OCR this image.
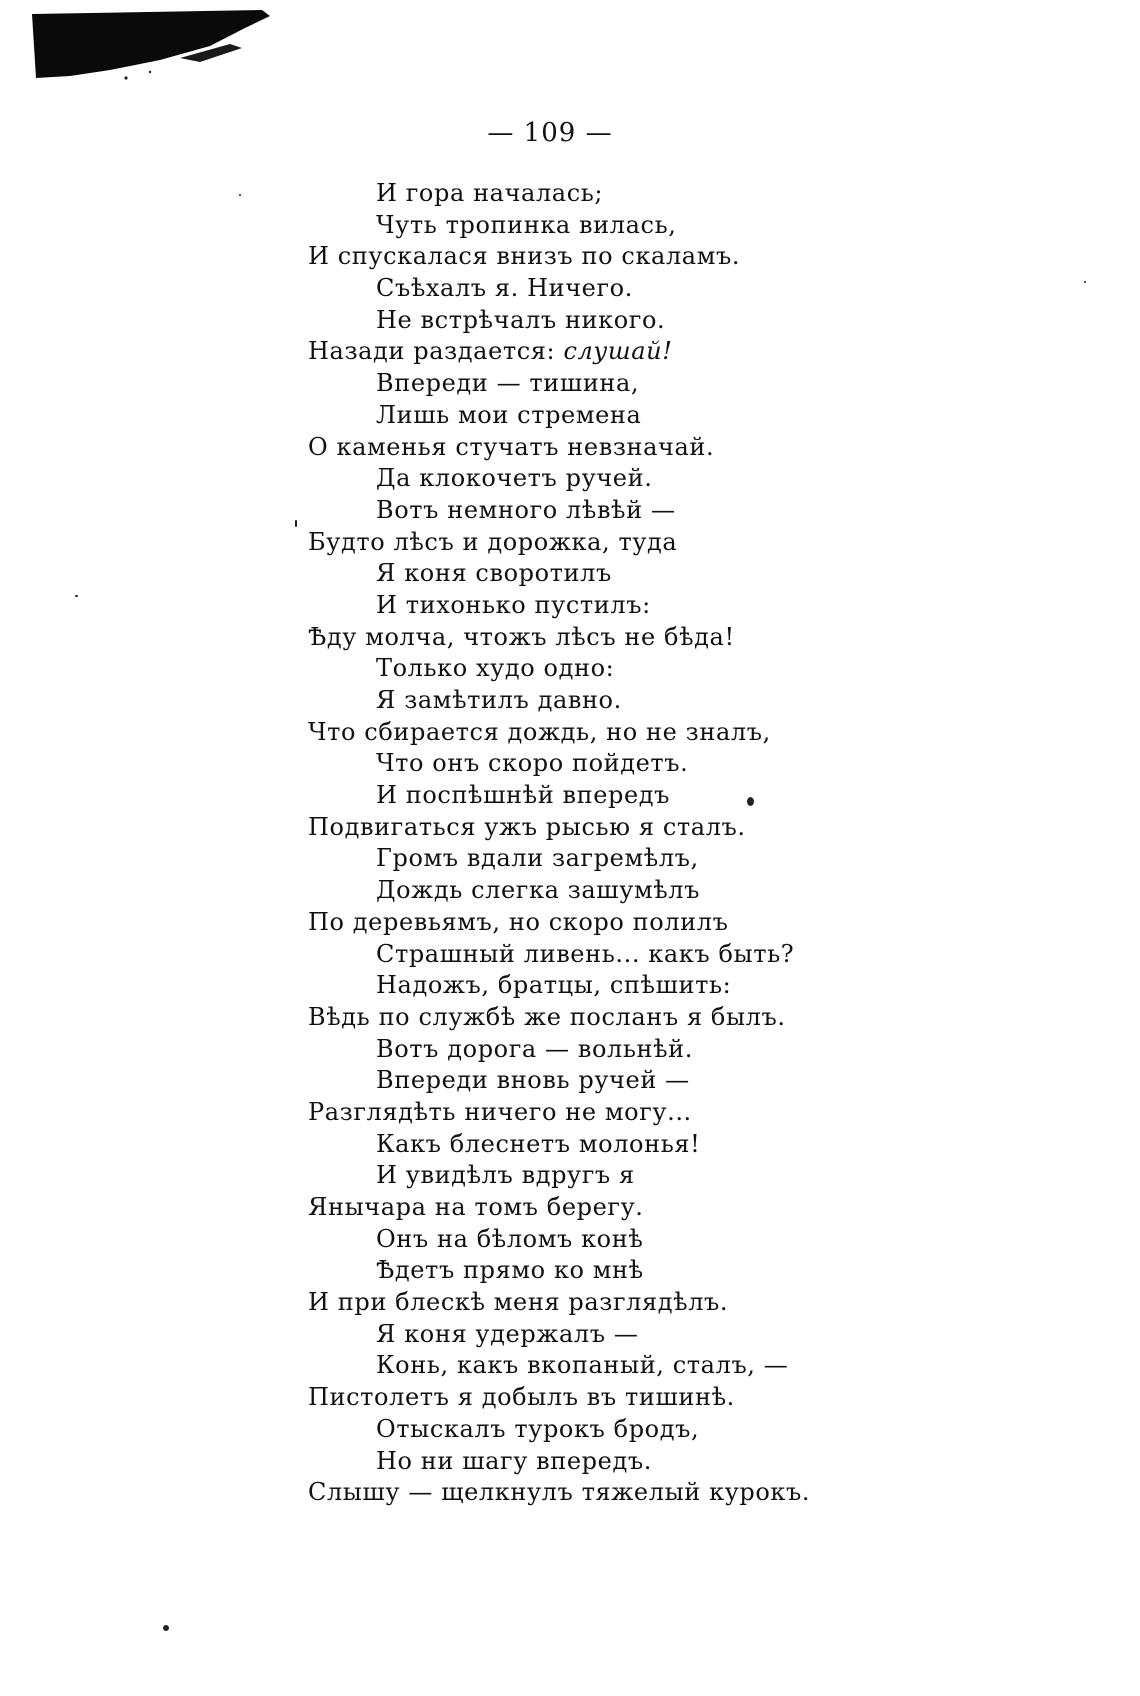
— 109 —
И гора началась;
Чуть тропинка вилась,
И спускалася внизъ по скаламъ.
Съѣхалъ я. Ничего.
Не встрѣчалъ никого.
Назади раздается: слушай!
Впереди — тишина,
Лишь мои стремена
О каменья стучатъ невзначай.
Да клокочетъ ручей.
Вотъ немного лѣвѣй —
Будто лѣсъ и дорожка, туда
Я коня своротилъ
И тихонько пустилъ:
Ѣду молча, чтожъ лѣсъ не бѣда!
Только худо одно:
Я замѣтилъ давно.
Что сбирается дождь, но не зналъ,
Что онъ скоро пойдетъ.
И поспѣшнѣй впередъ
Подвигаться ужъ рысью я сталъ.
Громъ вдали загремѣлъ,
Дождь слегка зашумѣлъ
По деревьямъ, но скоро полилъ
Страшный ливень... какъ быть?
Надожъ, братцы, спѣшить:
Вѣдь по службѣ же посланъ я былъ.
Вотъ дорога — вольнѣй.
Впереди вновь ручей —
Разглядѣть ничего не могу...
Какъ блеснетъ молонья!
И увидѣлъ вдругъ я
Янычара на томъ берегу.
Онъ на бѣломъ конѣ
Ѣдетъ прямо ко мнѣ
И при блескѣ меня разглядѣлъ.
Я коня удержалъ —
Конь, какъ вкопаный, сталъ, —
Пистолетъ я добылъ въ тишинѣ.
Отыскалъ турокъ бродъ,
Но ни шагу впередъ.
Слышу — щелкнулъ тяжелый курокъ.
